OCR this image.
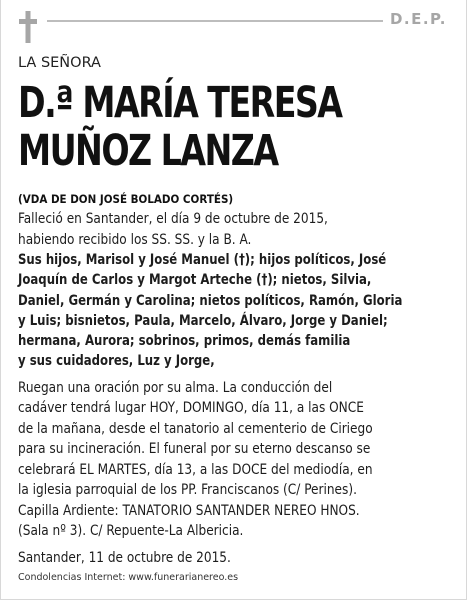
D.E.P.

LA SEÑORA

D.ª MARÍA TERESA
MUÑOZ LANZA
(VDA DE DON JOSÉ BOLADO CORTÉS)
Falleció en Santander, el día 9 de octubre de 2015,
habiendo recibido los SS. SS. y la B. A.
Sus hijos, Marisol y José Manuel (†); hijos políticos, José
Joaquín de Carlos y Margot Arteche (†); nietos, Silvia,
Daniel, Germán y Carolina; nietos políticos, Ramón, Gloria
y Luis; bisnietos, Paula, Marcelo, Álvaro, Jorge y Daniel;
hermana, Aurora; sobrinos, primos, demás familia
y sus cuidadores, Luz y Jorge,
Ruegan una oración por su alma. La conducción del
cadáver tendrá lugar HOY, DOMINGO, día 11, a las ONCE
de la mañana, desde el tanatorio al cementerio de Ciriego
para su incineración. El funeral por su eterno descanso se
celebrará EL MARTES, día 13, a las DOCE del mediodía, en
la iglesia parroquial de los PP. Franciscanos (C/ Perines).
Capilla Ardiente: TANATORIO SANTANDER NEREO HNOS.
(Sala nº 3). C/ Repuente-La Albericia.
Santander, 11 de octubre de 2015.
Condolencias Internet: www.funerarianereo.es
